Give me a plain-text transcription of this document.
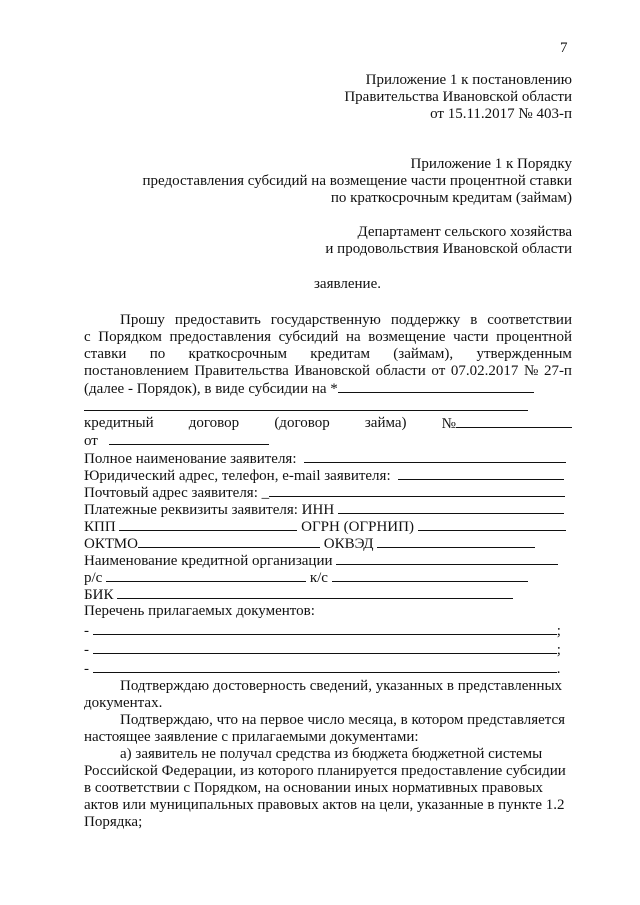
7
Приложение 1 к постановлению
Правительства Ивановской области
от 15.11.2017 № 403-п
Приложение 1 к Порядку
предоставления субсидий на возмещение части процентной ставки
по краткосрочным кредитам (займам)
Департамент сельского хозяйства
и продовольствия Ивановской области
заявление.
Прошу предоставить государственную поддержку в соответствии
с Порядком предоставления субсидий на возмещение части процентной
ставки по краткосрочным кредитам (займам), утвержденным
постановлением Правительства Ивановской области от 07.02.2017 № 27-п
(далее - Порядок), в виде субсидии на *
кредитный договор (договор займа) №
от
Полное наименование заявителя:
Юридический адрес, телефон, e-mail заявителя:
Почтовый адрес заявителя: _
Платежные реквизиты заявителя: ИНН
КПП	ОГРН (ОГРНИП)
ОКТМО	ОКВЭД
Наименование кредитной организации
р/с	к/с
БИК
Перечень прилагаемых документов:
-	;
-	;
-	.
Подтверждаю достоверность сведений, указанных в представленных
документах.
Подтверждаю, что на первое число месяца, в котором представляется
настоящее заявление с прилагаемыми документами:
а) заявитель не получал средства из бюджета бюджетной системы
Российской Федерации, из которого планируется предоставление субсидии
в соответствии с Порядком, на основании иных нормативных правовых
актов или муниципальных правовых актов на цели, указанные в пункте 1.2
Порядка;
